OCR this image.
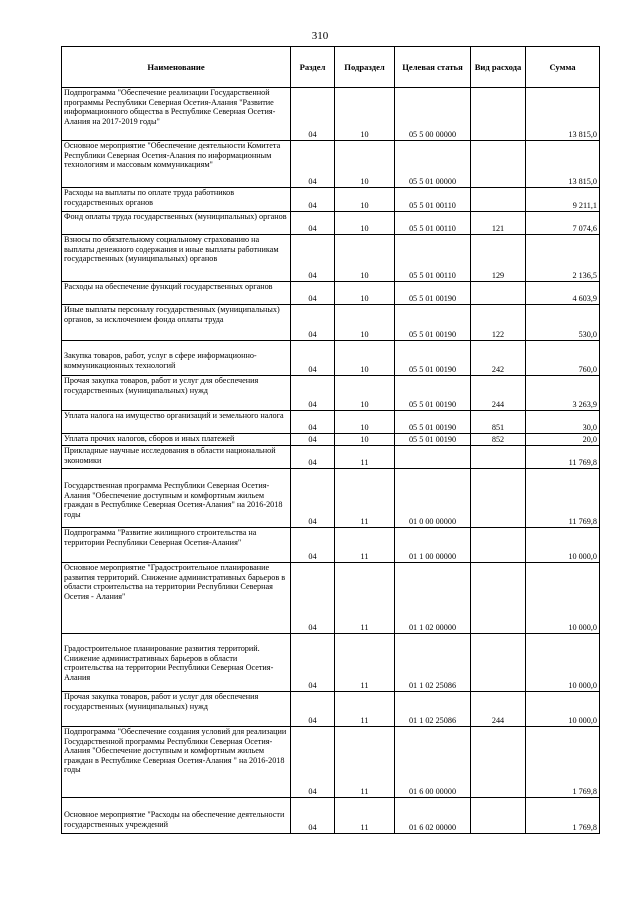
310
Наименование	Раздел	Подраздел	Целевая статья	Вид расхода	Сумма
Подпрограмма "Обеспечение реализации Государственной программы Республики Северная Осетия-Алания "Развитие информационного общества в Республике Северная Осетия-Алания на 2017-2019 годы"	04	10	05 5 00 00000		13 815,0
Основное мероприятие "Обеспечение деятельности Комитета Республики Северная Осетия-Алания по информационным технологиям и массовым коммуникациям"	04	10	05 5 01 00000		13 815,0
Расходы на выплаты по оплате труда работников государственных органов	04	10	05 5 01 00110		9 211,1
Фонд оплаты труда государственных (муниципальных) органов	04	10	05 5 01 00110	121	7 074,6
Взносы по обязательному социальному страхованию на выплаты денежного содержания и иные выплаты работникам государственных (муниципальных) органов	04	10	05 5 01 00110	129	2 136,5
Расходы на обеспечение функций государственных органов	04	10	05 5 01 00190		4 603,9
Иные выплаты персоналу государственных (муниципальных) органов, за исключением фонда оплаты труда	04	10	05 5 01 00190	122	530,0
Закупка товаров, работ, услуг в сфере информационно-коммуникационных технологий	04	10	05 5 01 00190	242	760,0
Прочая закупка товаров, работ и услуг для обеспечения государственных (муниципальных) нужд	04	10	05 5 01 00190	244	3 263,9
Уплата налога на имущество организаций и земельного налога	04	10	05 5 01 00190	851	30,0
Уплата прочих налогов, сборов и иных платежей	04	10	05 5 01 00190	852	20,0
Прикладные научные исследования в области национальной экономики	04	11			11 769,8
Государственная программа Республики Северная Осетия-Алания "Обеспечение доступным и комфортным жильем граждан в Республике Северная Осетия-Алания" на 2016-2018 годы	04	11	01 0 00 00000		11 769,8
Подпрограмма "Развитие жилищного строительства на территории Республики Северная Осетия-Алания"	04	11	01 1 00 00000		10 000,0
Основное мероприятие "Градостроительное планирование развития территорий. Снижение административных барьеров в области строительства на территории Республики Северная Осетия - Алания"	04	11	01 1 02 00000		10 000,0
Градостроительное планирование развития территорий. Снижение административных барьеров в области строительства на территории Республики Северная Осетия-Алания	04	11	01 1 02 25086		10 000,0
Прочая закупка товаров, работ и услуг для обеспечения государственных (муниципальных) нужд	04	11	01 1 02 25086	244	10 000,0
Подпрограмма "Обеспечение создания условий для реализации Государственной программы Республики Северная Осетия-Алания "Обеспечение доступным и комфортным жильем граждан в Республике Северная Осетия-Алания " на 2016-2018 годы	04	11	01 6 00 00000		1 769,8
Основное мероприятие "Расходы на обеспечение деятельности государственных учреждений	04	11	01 6 02 00000		1 769,8
